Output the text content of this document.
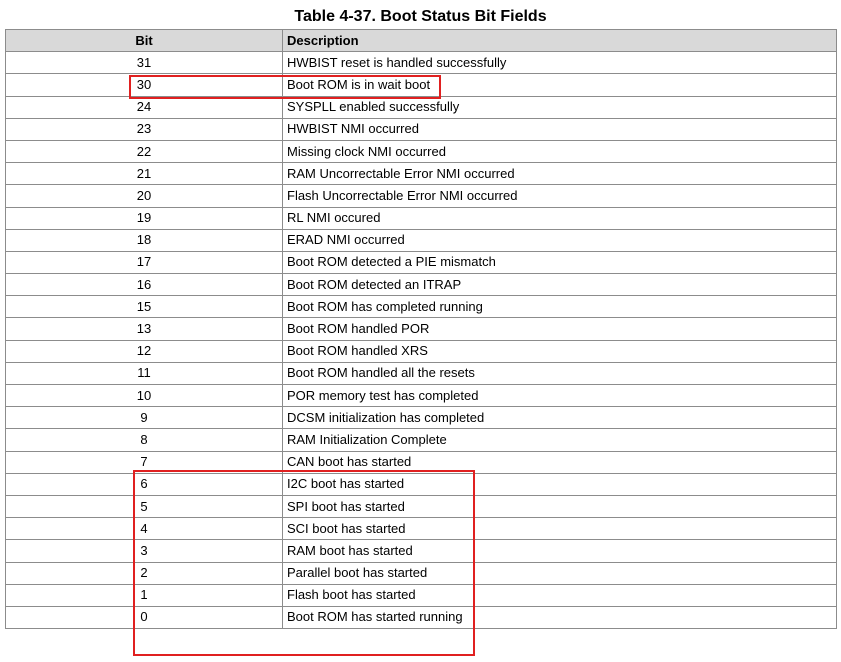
Table 4-37. Boot Status Bit Fields
Bit	Description
31	HWBIST reset is handled successfully
30	Boot ROM is in wait boot
24	SYSPLL enabled successfully
23	HWBIST NMI occurred
22	Missing clock NMI occurred
21	RAM Uncorrectable Error NMI occurred
20	Flash Uncorrectable Error NMI occurred
19	RL NMI occured
18	ERAD NMI occurred
17	Boot ROM detected a PIE mismatch
16	Boot ROM detected an ITRAP
15	Boot ROM has completed running
13	Boot ROM handled POR
12	Boot ROM handled XRS
11	Boot ROM handled all the resets
10	POR memory test has completed
9	DCSM initialization has completed
8	RAM Initialization Complete
7	CAN boot has started
6	I2C boot has started
5	SPI boot has started
4	SCI boot has started
3	RAM boot has started
2	Parallel boot has started
1	Flash boot has started
0	Boot ROM has started running
